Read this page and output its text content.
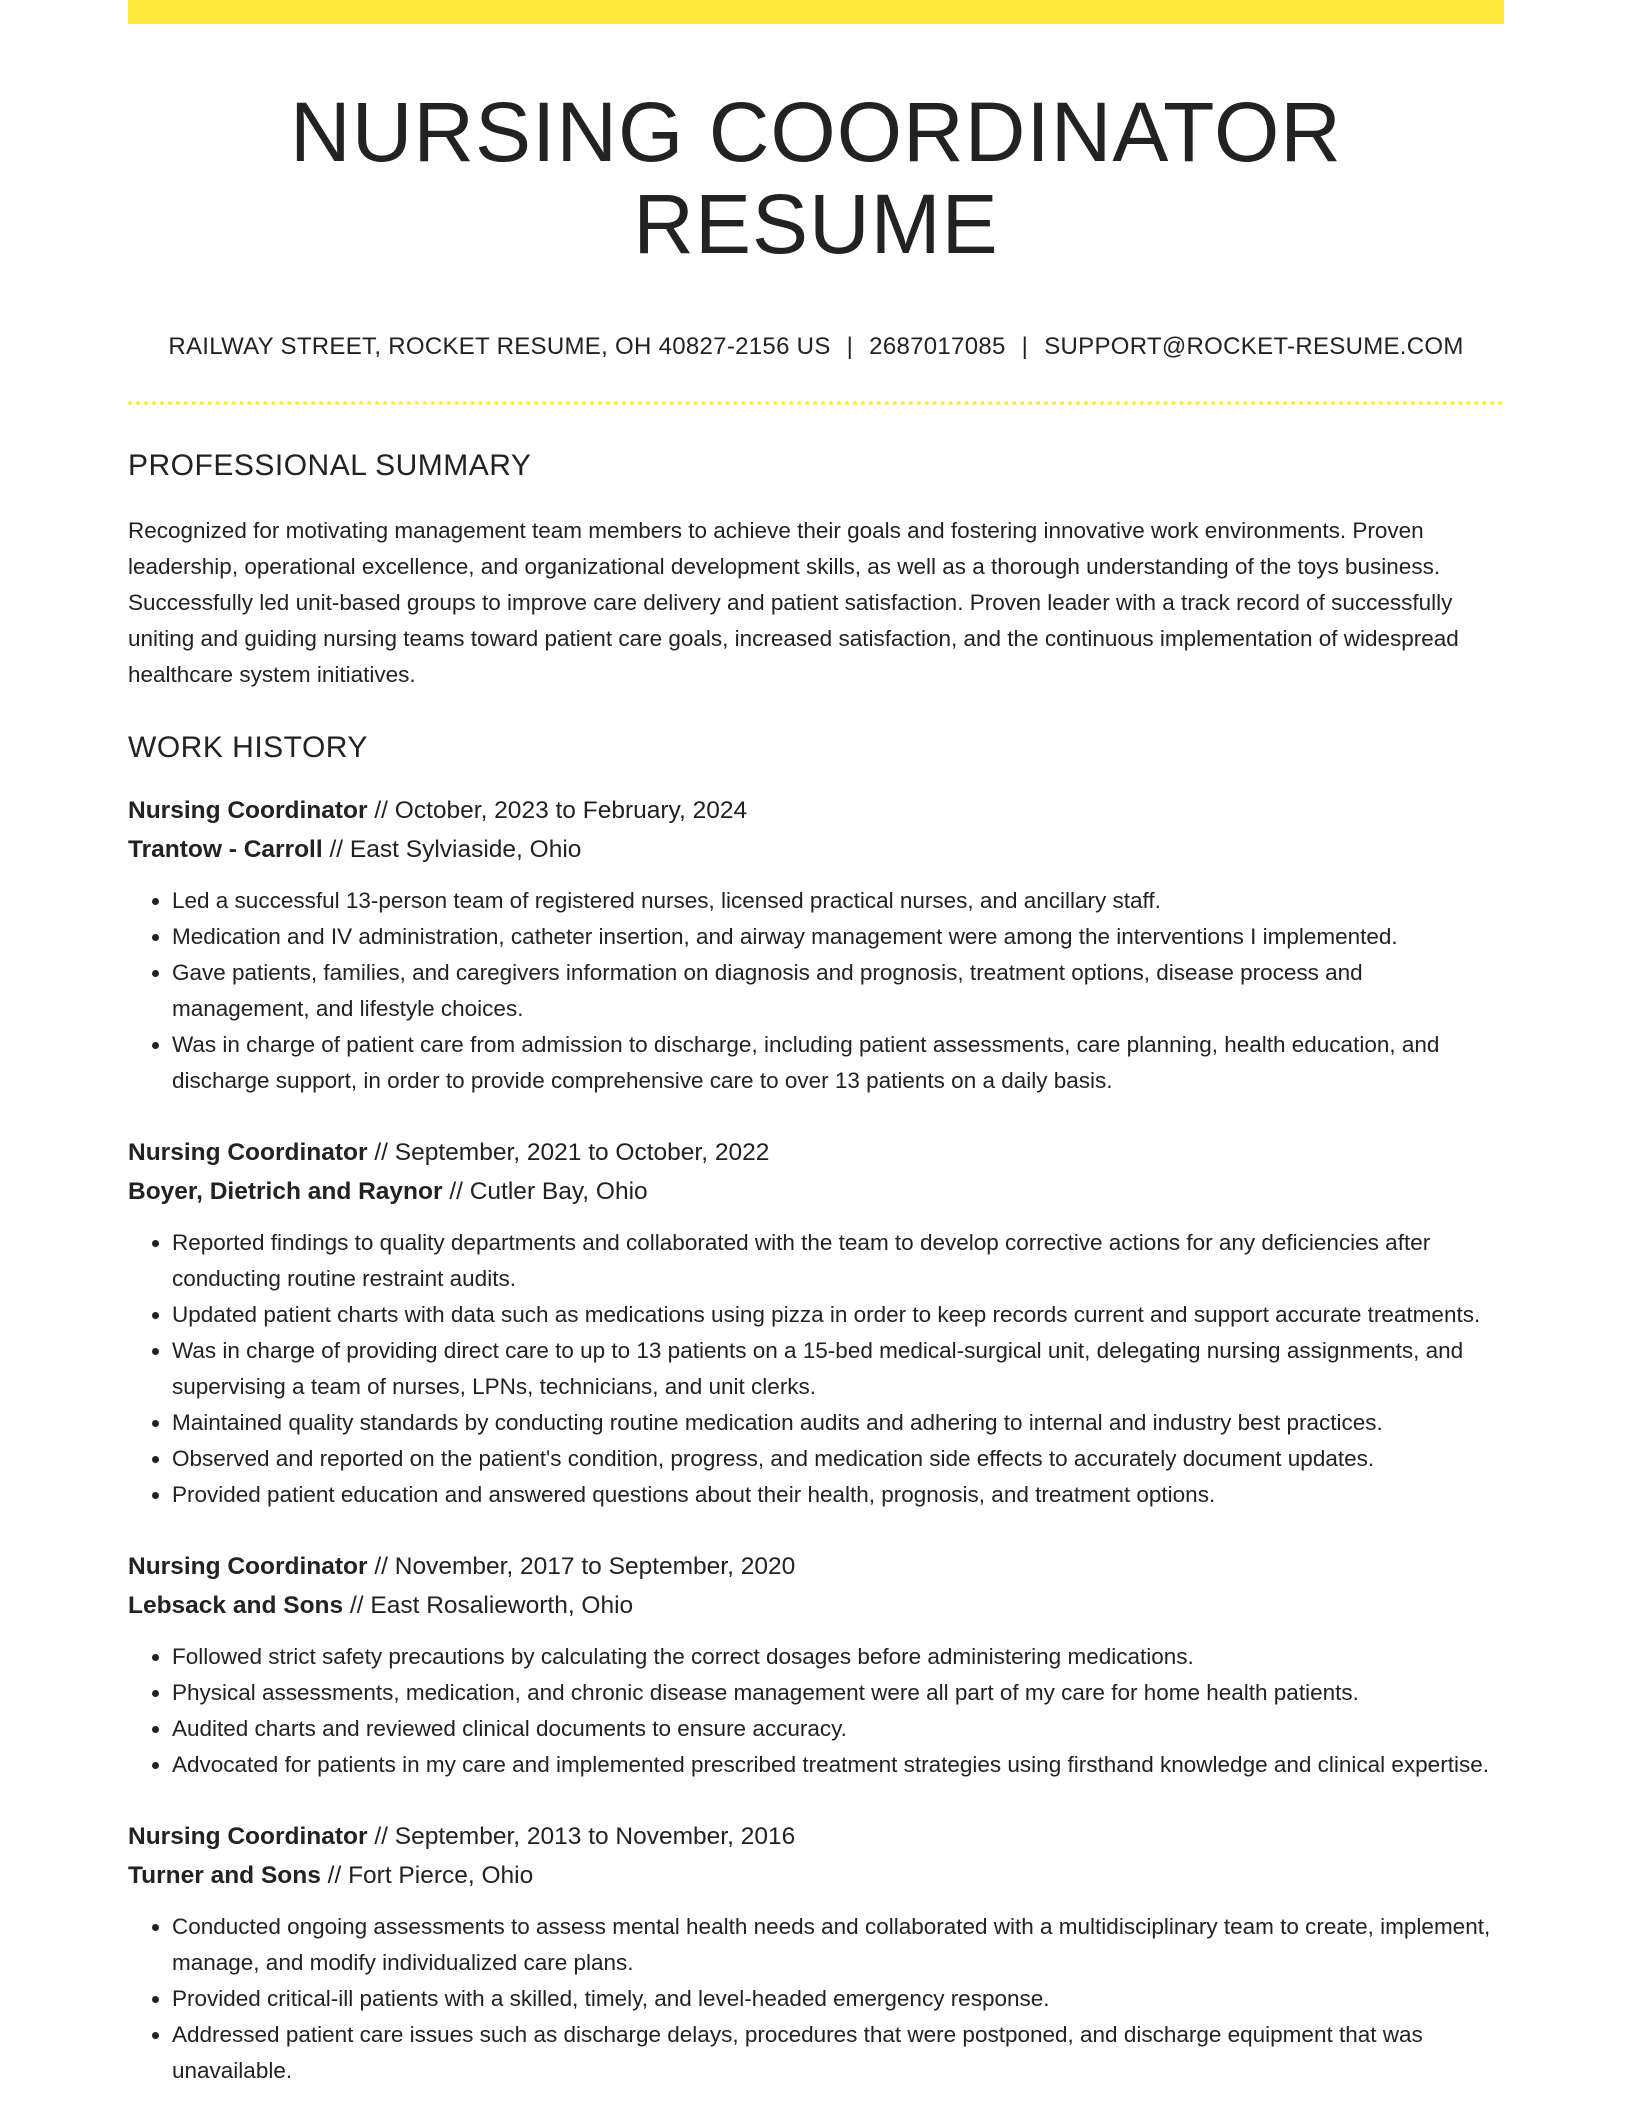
NURSING COORDINATOR RESUME
RAILWAY STREET, ROCKET RESUME, OH 40827-2156 US | 2687017085 | SUPPORT@ROCKET-RESUME.COM
PROFESSIONAL SUMMARY
Recognized for motivating management team members to achieve their goals and fostering innovative work environments. Proven leadership, operational excellence, and organizational development skills, as well as a thorough understanding of the toys business. Successfully led unit-based groups to improve care delivery and patient satisfaction. Proven leader with a track record of successfully uniting and guiding nursing teams toward patient care goals, increased satisfaction, and the continuous implementation of widespread healthcare system initiatives.
WORK HISTORY
Nursing Coordinator // October, 2023 to February, 2024
Trantow - Carroll // East Sylviaside, Ohio
• Led a successful 13-person team of registered nurses, licensed practical nurses, and ancillary staff.
• Medication and IV administration, catheter insertion, and airway management were among the interventions I implemented.
• Gave patients, families, and caregivers information on diagnosis and prognosis, treatment options, disease process and management, and lifestyle choices.
• Was in charge of patient care from admission to discharge, including patient assessments, care planning, health education, and discharge support, in order to provide comprehensive care to over 13 patients on a daily basis.
Nursing Coordinator // September, 2021 to October, 2022
Boyer, Dietrich and Raynor // Cutler Bay, Ohio
• Reported findings to quality departments and collaborated with the team to develop corrective actions for any deficiencies after conducting routine restraint audits.
• Updated patient charts with data such as medications using pizza in order to keep records current and support accurate treatments.
• Was in charge of providing direct care to up to 13 patients on a 15-bed medical-surgical unit, delegating nursing assignments, and supervising a team of nurses, LPNs, technicians, and unit clerks.
• Maintained quality standards by conducting routine medication audits and adhering to internal and industry best practices.
• Observed and reported on the patient's condition, progress, and medication side effects to accurately document updates.
• Provided patient education and answered questions about their health, prognosis, and treatment options.
Nursing Coordinator // November, 2017 to September, 2020
Lebsack and Sons // East Rosalieworth, Ohio
• Followed strict safety precautions by calculating the correct dosages before administering medications.
• Physical assessments, medication, and chronic disease management were all part of my care for home health patients.
• Audited charts and reviewed clinical documents to ensure accuracy.
• Advocated for patients in my care and implemented prescribed treatment strategies using firsthand knowledge and clinical expertise.
Nursing Coordinator // September, 2013 to November, 2016
Turner and Sons // Fort Pierce, Ohio
• Conducted ongoing assessments to assess mental health needs and collaborated with a multidisciplinary team to create, implement, manage, and modify individualized care plans.
• Provided critical-ill patients with a skilled, timely, and level-headed emergency response.
• Addressed patient care issues such as discharge delays, procedures that were postponed, and discharge equipment that was unavailable.
